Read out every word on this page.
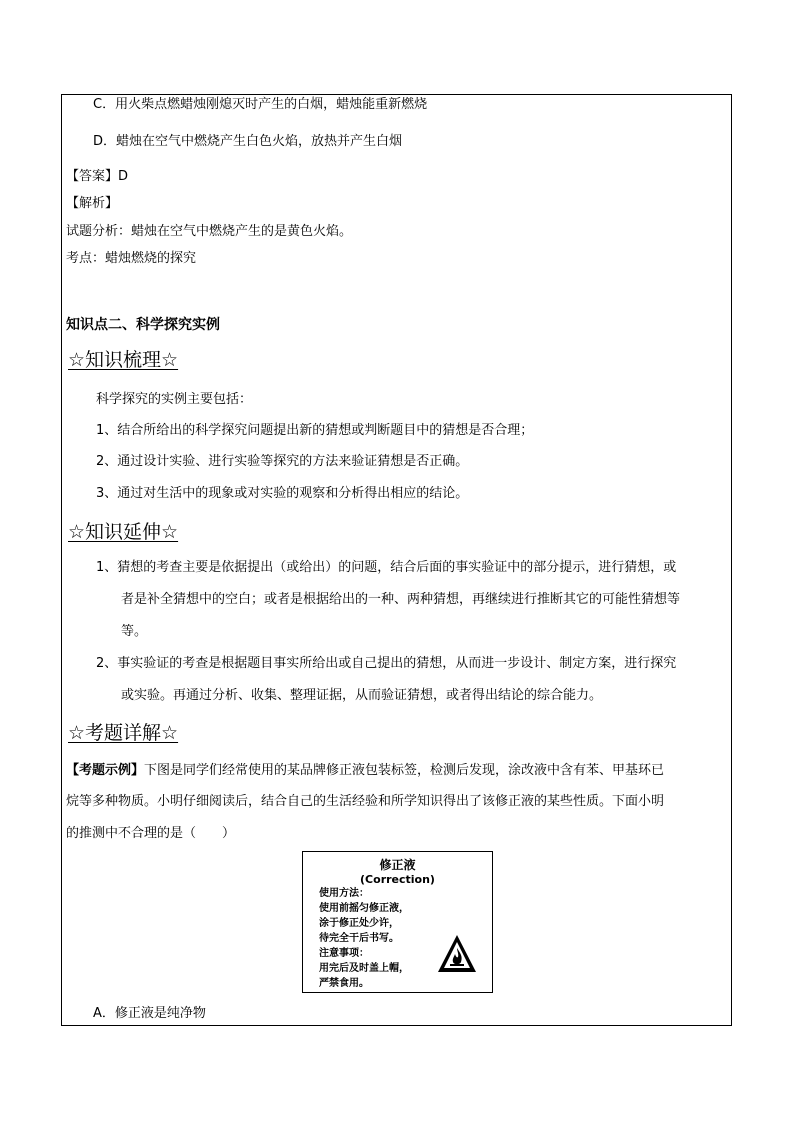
C．用火柴点燃蜡烛刚熄灭时产生的白烟，蜡烛能重新燃烧
D．蜡烛在空气中燃烧产生白色火焰，放热并产生白烟
【答案】D
【解析】
试题分析：蜡烛在空气中燃烧产生的是黄色火焰。
考点：蜡烛燃烧的探究
知识点二、科学探究实例
☆知识梳理☆
科学探究的实例主要包括：
1、结合所给出的科学探究问题提出新的猜想或判断题目中的猜想是否合理；
2、通过设计实验、进行实验等探究的方法来验证猜想是否正确。
3、通过对生活中的现象或对实验的观察和分析得出相应的结论。
☆知识延伸☆
1、猜想的考查主要是依据提出（或给出）的问题，结合后面的事实验证中的部分提示，进行猜想，或
者是补全猜想中的空白；或者是根据给出的一种、两种猜想，再继续进行推断其它的可能性猜想等
等。
2、事实验证的考查是根据题目事实所给出或自己提出的猜想，从而进一步设计、制定方案，进行探究
或实验。再通过分析、收集、整理证据，从而验证猜想，或者得出结论的综合能力。
☆考题详解☆
【考题示例】下图是同学们经常使用的某品牌修正液包装标签，检测后发现，涂改液中含有苯、甲基环已
烷等多种物质。小明仔细阅读后，结合自己的生活经验和所学知识得出了该修正液的某些性质。下面小明
的推测中不合理的是（　　）
修正液
(Correction)
使用方法：
使用前摇匀修正液，
涂于修正处少许，
待完全干后书写。
注意事项：
用完后及时盖上帽，
严禁食用。
A．修正液是纯净物
